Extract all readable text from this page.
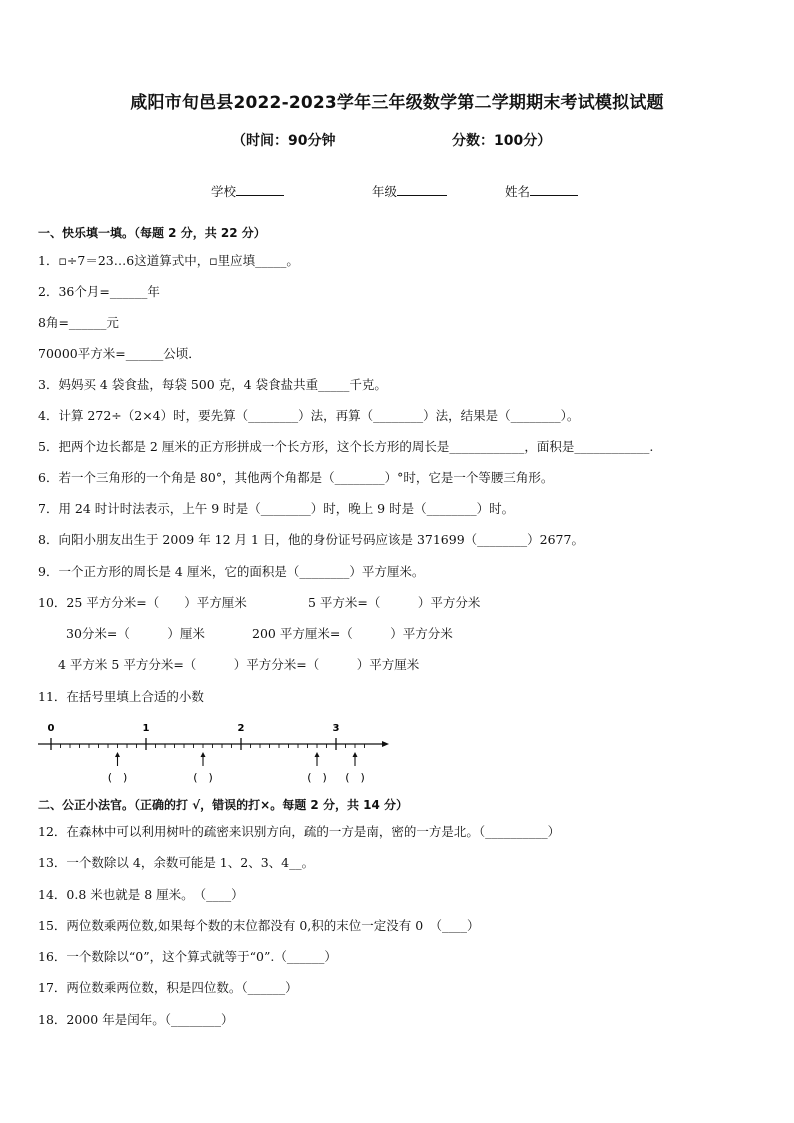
咸阳市旬邑县2022-2023学年三年级数学第二学期期末考试模拟试题
（时间：90分钟	分数：100分）
学校	年级	姓名
一、快乐填一填。（每题 2 分，共 22 分）
1．▫÷7＝23…6这道算式中，▫里应填_____。
2．36个月=______年
8角=______元
70000平方米=______公顷．
3．妈妈买 4 袋食盐，每袋 500 克，4 袋食盐共重_____千克。
4．计算 272÷（2×4）时，要先算（________）法，再算（________）法，结果是（________）。
5．把两个边长都是 2 厘米的正方形拼成一个长方形，这个长方形的周长是____________，面积是____________.
6．若一个三角形的一个角是 80°，其他两个角都是（________）°时，它是一个等腰三角形。
7．用 24 时计时法表示，上午 9 时是（________）时，晚上 9 时是（________）时。
8．向阳小朋友出生于 2009 年 12 月 1 日，他的身份证号码应该是 371699（________）2677。
9．一个正方形的周长是 4 厘米，它的面积是（________）平方厘米。
10．25 平方分米=（　　）平方厘米	5 平方米=（　　　）平方分米
30分米=（　　　）厘米	200 平方厘米=（　　　）平方分米
4 平方米 5 平方分米=（　　　）平方分米=（　　　）平方厘米
11．在括号里填上合适的小数
0	1	2	3
(　)	(　)	(　) (　)
二、公正小法官。（正确的打 √，错误的打×。每题 2 分，共 14 分）
12．在森林中可以利用树叶的疏密来识别方向，疏的一方是南，密的一方是北。（__________）
13．一个数除以 4，余数可能是 1、2、3、4__。
14．0.8 米也就是 8 厘米。　（____）
15．两位数乘两位数,如果每个数的末位都没有 0,积的末位一定没有 0　（____）
16．一个数除以“0”，这个算式就等于“0”.（______）
17．两位数乘两位数，积是四位数。（______）
18．2000 年是闰年。（________）
